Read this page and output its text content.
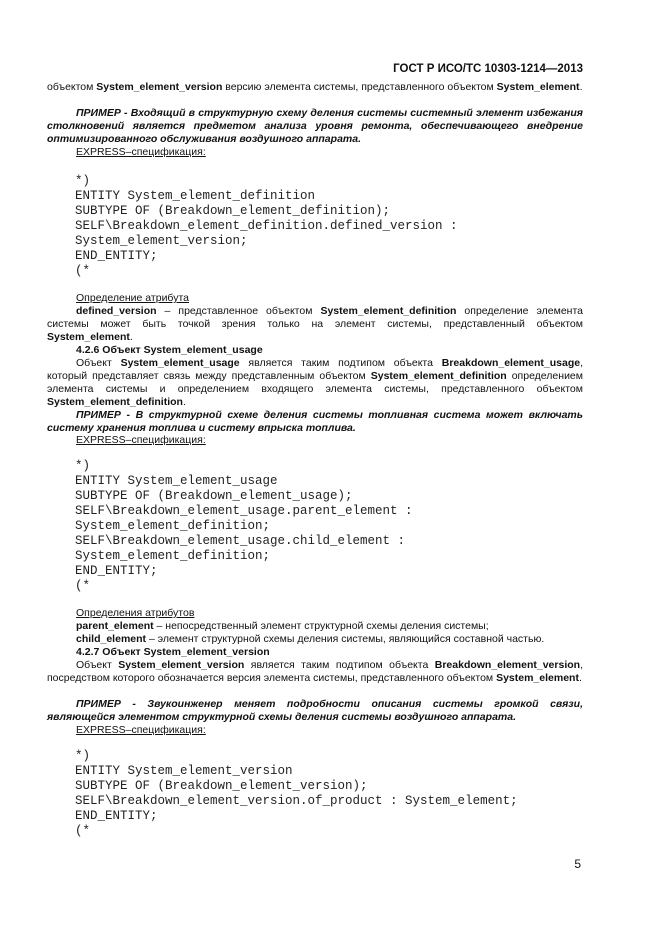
ГОСТ Р ИСО/ТС 10303-1214—2013
объектом System_element_version версию элемента системы, представленного объектом System_element.
ПРИМЕР - Входящий в структурную схему деления системы системный элемент избежания столкновений является предметом анализа уровня ремонта, обеспечивающего внедрение оптимизированного обслуживания воздушного аппарата.
EXPRESS–спецификация:
*)
ENTITY System_element_definition
SUBTYPE OF (Breakdown_element_definition);
SELF\Breakdown_element_definition.defined_version :
System_element_version;
END_ENTITY;
(*
Определение атрибута
defined_version – представленное объектом System_element_definition определение элемента системы может быть точкой зрения только на элемент системы, представленный объектом System_element.
4.2.6 Объект System_element_usage
Объект System_element_usage является таким подтипом объекта Breakdown_element_usage, который представляет связь между представленным объектом System_element_definition определением элемента системы и определением входящего элемента системы, представленного объектом System_element_definition.
ПРИМЕР - В структурной схеме деления системы топливная система может включать систему хранения топлива и систему впрыска топлива.
EXPRESS–спецификация:
*)
ENTITY System_element_usage
SUBTYPE OF (Breakdown_element_usage);
SELF\Breakdown_element_usage.parent_element :
System_element_definition;
SELF\Breakdown_element_usage.child_element :
System_element_definition;
END_ENTITY;
(*
Определения атрибутов
parent_element – непосредственный элемент структурной схемы деления системы;
child_element – элемент структурной схемы деления системы, являющийся составной частью.
4.2.7 Объект System_element_version
Объект System_element_version является таким подтипом объекта Breakdown_element_version, посредством которого обозначается версия элемента системы, представленного объектом System_element.
ПРИМЕР - Звукоинженер меняет подробности описания системы громкой связи, являющейся элементом структурной схемы деления системы воздушного аппарата.
EXPRESS–спецификация:
*)
ENTITY System_element_version
SUBTYPE OF (Breakdown_element_version);
SELF\Breakdown_element_version.of_product : System_element;
END_ENTITY;
(*
5
